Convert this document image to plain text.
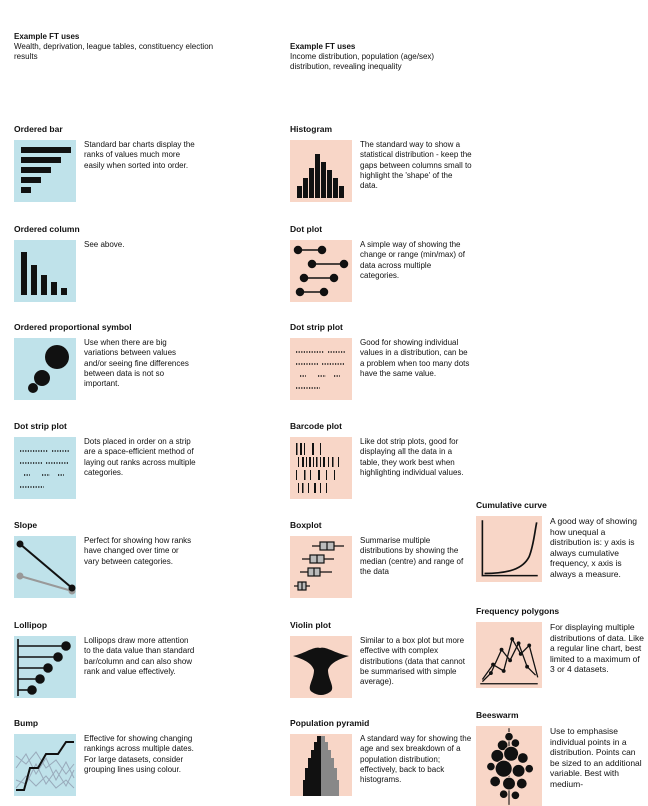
Example FT uses
Wealth, deprivation, league tables, constituency election results
Example FT uses
Income distribution, population (age/sex) distribution, revealing inequality
Ordered bar
Standard bar charts display the ranks of values much more easily when sorted into order.
Ordered column
See above.
Ordered proportional symbol
Use when there are big variations between values and/or seeing fine differences between data is not so important.
Dot strip plot
Dots placed in order on a strip are a space-efficient method of laying out ranks across multiple categories.
Slope
Perfect for showing how ranks have changed over time or vary between categories.
Lollipop
Lollipops draw more attention to the data value than standard bar/column and can also show rank and value effectively.
Bump
Effective for showing changing rankings across multiple dates. For large datasets, consider grouping lines using colour.
Histogram
The standard way to show a statistical distribution - keep the gaps between columns small to highlight the 'shape' of the data.
Dot plot
A simple way of showing the change or range (min/max) of data across multiple categories.
Dot strip plot
Good for showing individual values in a distribution, can be a problem when too many dots have the same value.
Barcode plot
Like dot strip plots, good for displaying all the data in a table, they work best when highlighting individual values.
Boxplot
Summarise multiple distributions by showing the median (centre) and range of the data
Violin plot
Similar to a box plot but more effective with complex distributions (data that cannot be summarised with simple average).
Population pyramid
A standard way for showing the age and sex breakdown of a population distribution; effectively, back to back histograms.
Cumulative curve
A good way of showing how unequal a distribution is: y axis is always cumulative frequency, x axis is always a measure.
Frequency polygons
For displaying multiple distributions of data. Like a regular line chart, best limited to a maximum of 3 or 4 datasets.
Beeswarm
Use to emphasise individual points in a distribution. Points can be sized to an additional variable. Best with medium-
